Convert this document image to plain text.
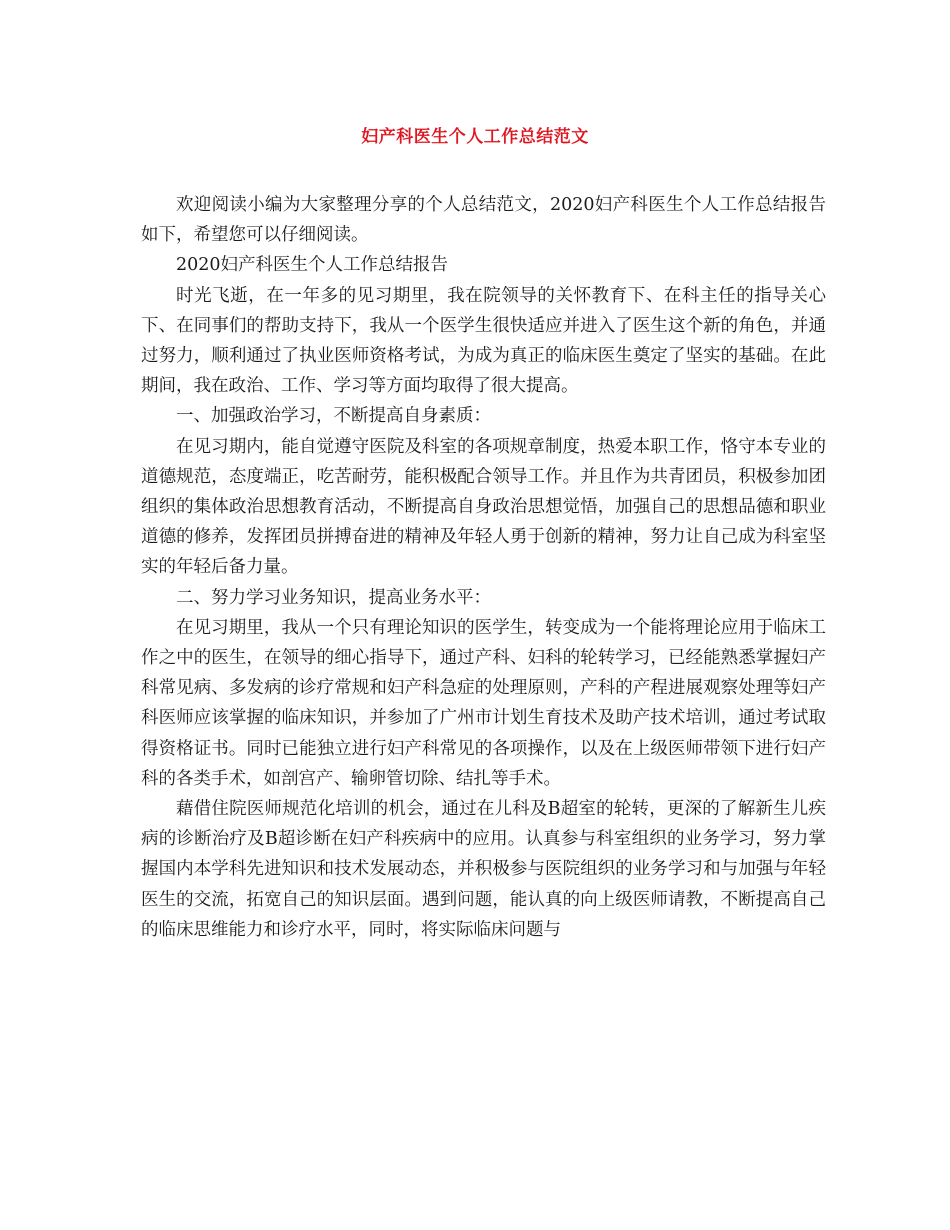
妇产科医生个人工作总结范文

欢迎阅读小编为大家整理分享的个人总结范文，2020妇产科医生个人工作总结报告如下，希望您可以仔细阅读。

2020妇产科医生个人工作总结报告

时光飞逝，在一年多的见习期里，我在院领导的关怀教育下、在科主任的指导关心下、在同事们的帮助支持下，我从一个医学生很快适应并进入了医生这个新的角色，并通过努力，顺利通过了执业医师资格考试，为成为真正的临床医生奠定了坚实的基础。在此期间，我在政治、工作、学习等方面均取得了很大提高。

一、加强政治学习，不断提高自身素质：

在见习期内，能自觉遵守医院及科室的各项规章制度，热爱本职工作，恪守本专业的道德规范，态度端正，吃苦耐劳，能积极配合领导工作。并且作为共青团员，积极参加团组织的集体政治思想教育活动，不断提高自身政治思想觉悟，加强自己的思想品德和职业道德的修养，发挥团员拼搏奋进的精神及年轻人勇于创新的精神，努力让自己成为科室坚实的年轻后备力量。

二、努力学习业务知识，提高业务水平：

在见习期里，我从一个只有理论知识的医学生，转变成为一个能将理论应用于临床工作之中的医生，在领导的细心指导下，通过产科、妇科的轮转学习，已经能熟悉掌握妇产科常见病、多发病的诊疗常规和妇产科急症的处理原则，产科的产程进展观察处理等妇产科医师应该掌握的临床知识，并参加了广州市计划生育技术及助产技术培训，通过考试取得资格证书。同时已能独立进行妇产科常见的各项操作，以及在上级医师带领下进行妇产科的各类手术，如剖宫产、输卵管切除、结扎等手术。

藉借住院医师规范化培训的机会，通过在儿科及B超室的轮转，更深的了解新生儿疾病的诊断治疗及B超诊断在妇产科疾病中的应用。认真参与科室组织的业务学习，努力掌握国内本学科先进知识和技术发展动态，并积极参与医院组织的业务学习和与加强与年轻医生的交流，拓宽自己的知识层面。遇到问题，能认真的向上级医师请教，不断提高自己的临床思维能力和诊疗水平，同时，将实际临床问题与
